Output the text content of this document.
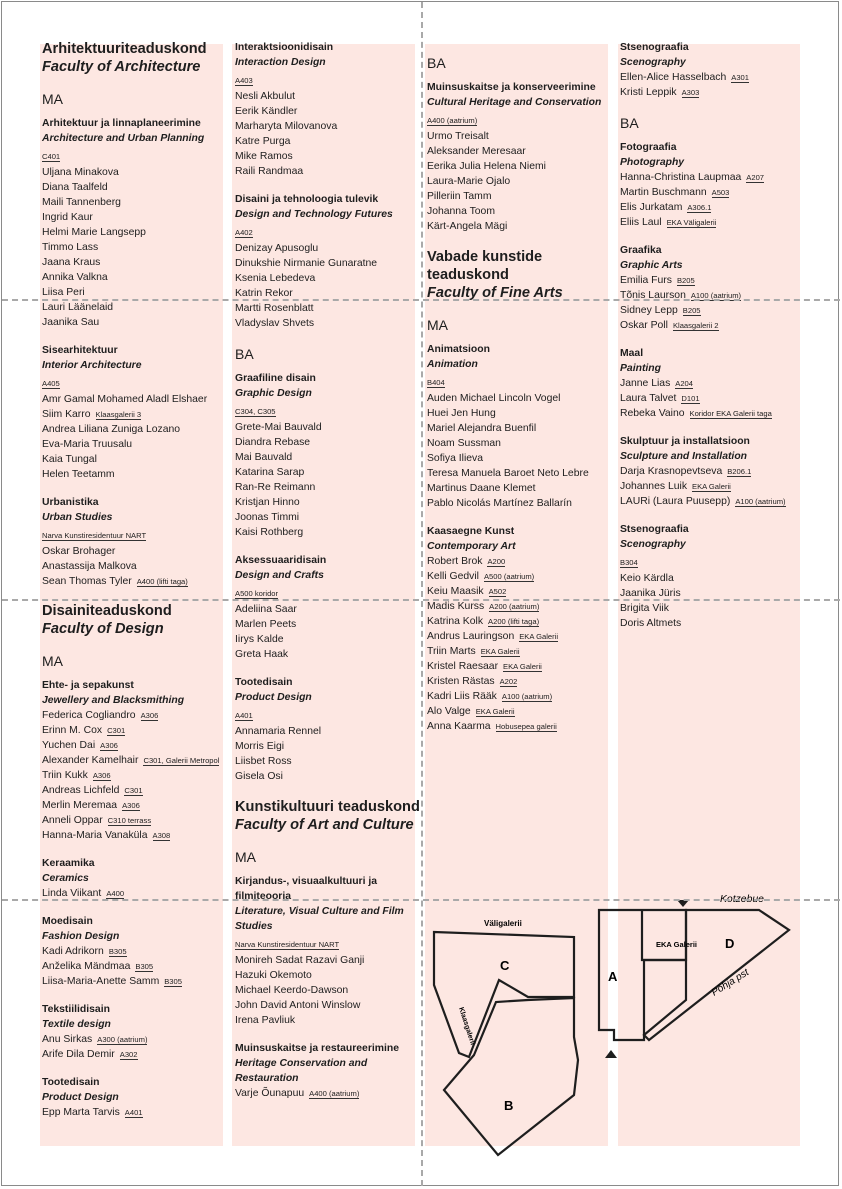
Arhitektuuriteaduskond
Faculty of Architecture
MA
Arhitektuur ja linnaplaneerimine
Architecture and Urban Planning
C401
Uljana Minakova
Diana Taalfeld
Maili Tannenberg
Ingrid Kaur
Helmi Marie Langsepp
Timmo Lass
Jaana Kraus
Annika Valkna
Liisa Peri
Lauri Läänelaid
Jaanika Sau
Sisearhitektuur
Interior Architecture
A405
Amr Gamal Mohamed Aladl Elshaer
Siim Karro Klaasgalerii 3
Andrea Liliana Zuniga Lozano
Eva-Maria Truusalu
Kaia Tungal
Helen Teetamm
Urbanistika
Urban Studies
Narva Kunstiresidentuur NART
Oskar Brohager
Anastassija Malkova
Sean Thomas Tyler A400 (lifti taga)
Disainiteaduskond
Faculty of Design
MA
Ehte- ja sepakunst
Jewellery and Blacksmithing
Federica Cogliandro A306
Erinn M. Cox C301
Yuchen Dai A306
Alexander Kamelhair C301, Galerii Metropol
Triin Kukk A306
Andreas Lichfeld C301
Merlin Meremaa A306
Anneli Oppar C310 terrass
Hanna-Maria Vanaküla A308
Keraamika
Ceramics
Linda Viikant A400
Moedisain
Fashion Design
Kadi Adrikorn B305
Anželika Mändmaa B305
Liisa-Maria-Anette Samm B305
Tekstiilidisain
Textile design
Anu Sirkas A300 (aatrium)
Arife Dila Demir A302
Tootedisain
Product Design
Epp Marta Tarvis A401
Interaktsioonidisain
Interaction Design
A403
Nesli Akbulut
Eerik Kändler
Marharyta Milovanova
Katre Purga
Mike Ramos
Raili Randmaa
Disaini ja tehnoloogia tulevik
Design and Technology Futures
A402
Denizay Apusoglu
Dinukshie Nirmanie Gunaratne
Ksenia Lebedeva
Katrin Rekor
Martti Rosenblatt
Vladyslav Shvets
BA
Graafiline disain
Graphic Design
C304, C305
Grete-Mai Bauvald
Diandra Rebase
Mai Bauvald
Katarina Sarap
Ran-Re Reimann
Kristjan Hinno
Joonas Timmi
Kaisi Rothberg
Aksessuaaridisain
Design and Crafts
A500 koridor
Adeliina Saar
Marlen Peets
Iirys Kalde
Greta Haak
Tootedisain
Product Design
A401
Annamaria Rennel
Morris Eigi
Liisbet Ross
Gisela Osi
Kunstikultuuri teaduskond
Faculty of Art and Culture
MA
Kirjandus-, visuaalkultuuri ja filmiteooria
Literature, Visual Culture and Film Studies
Narva Kunstiresidentuur NART
Monireh Sadat Razavi Ganji
Hazuki Okemoto
Michael Keerdo-Dawson
John David Antoni Winslow
Irena Pavliuk
Muinsuskaitse ja restaureerimine
Heritage Conservation and Restauration
Varje Õunapuu A400 (aatrium)
BA
Muinsuskaitse ja konserveerimine
Cultural Heritage and Conservation
A400 (aatrium)
Urmo Treisalt
Aleksander Meresaar
Eerika Julia Helena Niemi
Laura-Marie Ojalo
Pilleriin Tamm
Johanna Toom
Kärt-Angela Mägi
Vabade kunstide teaduskond
Faculty of Fine Arts
MA
Animatsioon
Animation
B404
Auden Michael Lincoln Vogel
Huei Jen Hung
Mariel Alejandra Buenfil
Noam Sussman
Sofiya Ilieva
Teresa Manuela Baroet Neto Lebre
Martinus Daane Klemet
Pablo Nicolás Martínez Ballarín
Kaasaegne Kunst
Contemporary Art
Robert Brok A200
Kelli Gedvil A500 (aatrium)
Keiu Maasik A502
Madis Kurss A200 (aatrium)
Katrina Kolk A200 (lifti taga)
Andrus Lauringson EKA Galerii
Triin Marts EKA Galerii
Kristel Raesaar EKA Galerii
Kristen Rästas A202
Kadri Liis Rääk A100 (aatrium)
Alo Valge EKA Galerii
Anna Kaarma Hobusepea galerii
Stsenograafia
Scenography
Ellen-Alice Hasselbach A301
Kristi Leppik A303
BA
Fotograafia
Photography
Hanna-Christina Laupmaa A207
Martin Buschmann A503
Elis Jurkatam A306.1
Eliis Laul EKA Väligalerii
Graafika
Graphic Arts
Emilia Furs B205
Tõnis Laurson A100 (aatrium)
Sidney Lepp B205
Oskar Poll Klaasgalerii 2
Maal
Painting
Janne Lias A204
Laura Talvet D101
Rebeka Vaino Koridor EKA Galerii taga
Skulptuur ja installatsioon
Sculpture and Installation
Darja Krasnopevtseva B206.1
Johannes Luik EKA Galerii
LAURi (Laura Puusepp) A100 (aatrium)
Stsenograafia
Scenography
B304
Keio Kärdla
Jaanika Jüris
Brigita Viik
Doris Altmets
Kotzebue
Põhja pst
Väligalerii
Klaasgalerii
EKA Galerii
A
B
C
D
